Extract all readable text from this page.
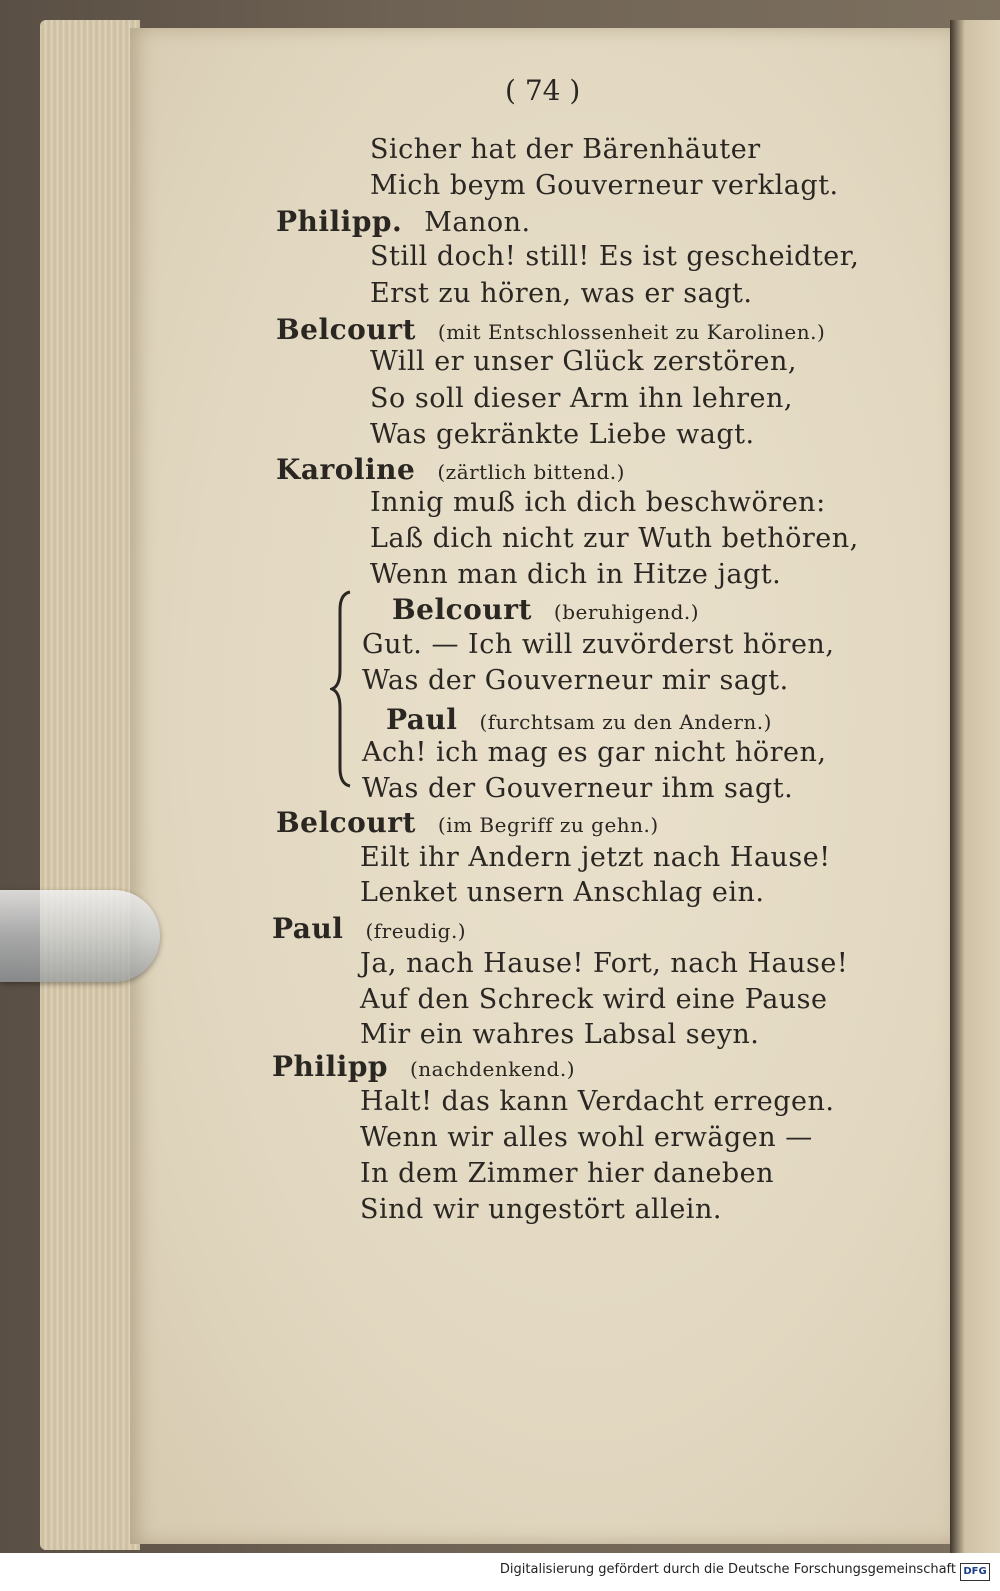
( 74 )
Sicher hat der Bärenhäuter
Mich beym Gouverneur verklagt.
Philipp. Manon.
Still doch! still! Es ist gescheidter,
Erst zu hören, was er sagt.
Belcourt (mit Entschlossenheit zu Karolinen.)
Will er unser Glück zerstören,
So soll dieser Arm ihn lehren,
Was gekränkte Liebe wagt.
Karoline (zärtlich bittend.)
Innig muß ich dich beschwören:
Laß dich nicht zur Wuth bethören,
Wenn man dich in Hitze jagt.
Belcourt (beruhigend.)
Gut. — Ich will zuvörderst hören,
Was der Gouverneur mir sagt.
Paul (furchtsam zu den Andern.)
Ach! ich mag es gar nicht hören,
Was der Gouverneur ihm sagt.
Belcourt (im Begriff zu gehn.)
Eilt ihr Andern jetzt nach Hause!
Lenket unsern Anschlag ein.
Paul (freudig.)
Ja, nach Hause! Fort, nach Hause!
Auf den Schreck wird eine Pause
Mir ein wahres Labsal seyn.
Philipp (nachdenkend.)
Halt! das kann Verdacht erregen.
Wenn wir alles wohl erwägen —
In dem Zimmer hier daneben
Sind wir ungestört allein.
Digitalisierung gefördert durch die Deutsche Forschungsgemeinschaft DFG
